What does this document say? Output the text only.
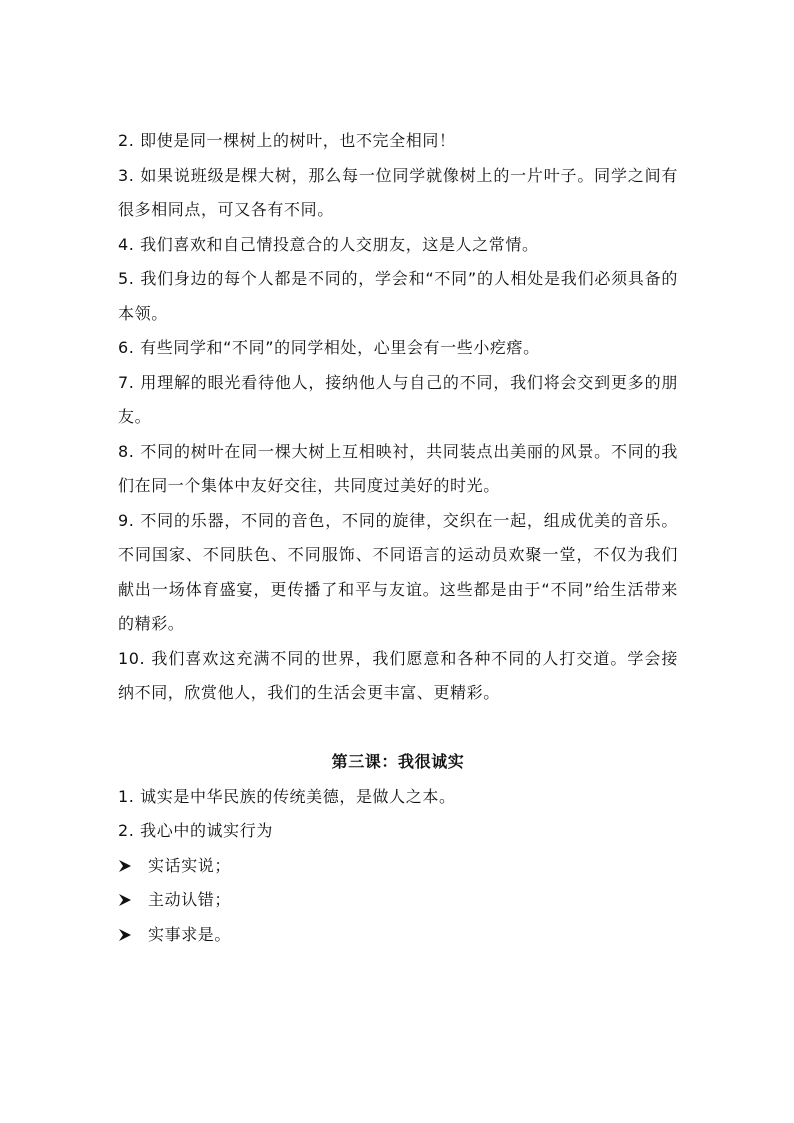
2. 即使是同一棵树上的树叶，也不完全相同！

3. 如果说班级是棵大树，那么每一位同学就像树上的一片叶子。同学之间有很多相同点，可又各有不同。

4. 我们喜欢和自己情投意合的人交朋友，这是人之常情。

5. 我们身边的每个人都是不同的，学会和“不同”的人相处是我们必须具备的本领。

6. 有些同学和“不同”的同学相处，心里会有一些小疙瘩。

7. 用理解的眼光看待他人，接纳他人与自己的不同，我们将会交到更多的朋友。

8. 不同的树叶在同一棵大树上互相映衬，共同装点出美丽的风景。不同的我们在同一个集体中友好交往，共同度过美好的时光。

9. 不同的乐器，不同的音色，不同的旋律，交织在一起，组成优美的音乐。不同国家、不同肤色、不同服饰、不同语言的运动员欢聚一堂，不仅为我们献出一场体育盛宴，更传播了和平与友谊。这些都是由于“不同”给生活带来的精彩。

10. 我们喜欢这充满不同的世界，我们愿意和各种不同的人打交道。学会接纳不同，欣赏他人，我们的生活会更丰富、更精彩。

第三课：我很诚实

1. 诚实是中华民族的传统美德，是做人之本。

2. 我心中的诚实行为

实话实说；
主动认错；
实事求是。
